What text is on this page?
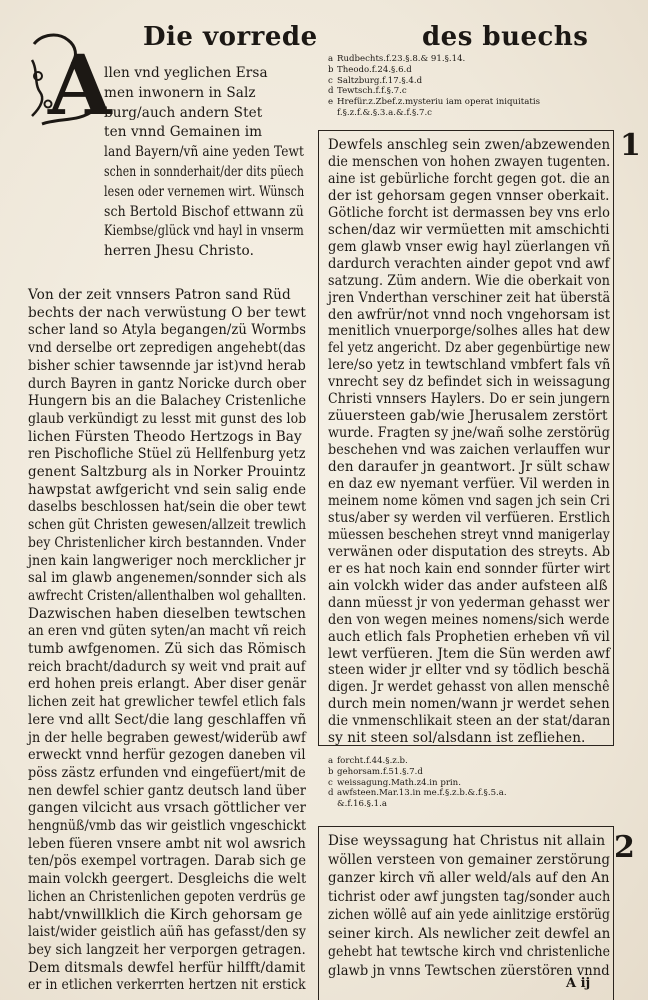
Die vorrede	des buechs
A	a Rudbechts.f.23.§.8.& 91.§.14.
b Theodo.f.24.§.6.d
c Saltzburg.f.17.§.4.d
d Tewtsch.f.f.§.7.c
e Hrefür.z.Zbef.z.mysteriu iam operat iniquitatis
f.§.z.f.&.§.3.a.&.f.§.7.c
llen vnd yeglichen Ersa
men inwonern in Salz
burg/auch andern Stet
ten vnnd Gemainen im
land Bayern/vñ aine yeden Tewt
schen in sonnderhait/der dits püech
lesen oder vernemen wirt. Wünsch
sch Bertold Bischof ettwann zü
Kiembse/glück vnd hayl in vnserm
herren Jhesu Christo.
Von der zeit vnnsers Patron sand Rüd
bechts der nach verwüstung O ber tewt
scher land so Atyla begangen/zü Wormbs
vnd derselbe ort zepredigen angehebt(das
bisher schier tawsennde jar ist)vnd herab
durch Bayren in gantz Noricke durch ober
Hungern bis an die Balachey Cristenliche
glaub verkündigt zu lesst mit gunst des lob
lichen Fürsten Theodo Hertzogs in Bay
ren Pischofliche Stüel zü Hellfenburg yetz
genent Saltzburg als in Norker Prouintz
hawpstat awfgericht vnd sein salig ende
daselbs beschlossen hat/sein die ober tewt
schen güt Christen gewesen/allzeit trewlich
bey Christenlicher kirch bestannden. Vnder
jnen kain langweriger noch mercklicher jr
sal im glawb angenemen/sonnder sich als
awfrecht Cristen/allenthalben wol gehallten.
Dazwischen haben dieselben tewtschen
an eren vnd güten syten/an macht vñ reich
tumb awfgenomen. Zü sich das Römisch
reich bracht/dadurch sy weit vnd prait auf
erd hohen preis erlangt. Aber diser genär
lichen zeit hat grewlicher tewfel etlich fals
lere vnd allt Sect/die lang geschlaffen vñ
jn der helle begraben gewest/widerüb awf
erweckt vnnd herfür gezogen daneben vil
pöss zästz erfunden vnd eingefüert/mit de
nen dewfel schier gantz deutsch land über
gangen vilcicht aus vrsach göttlicher ver
hengnüß/vmb das wir geistlich vngeschickt
leben füeren vnsere ambt nit wol awsrich
ten/pös exempel vortragen. Darab sich ge
main volckh geergert. Desgleichs die welt
lichen an Christenlichen gepoten verdrüs ge
habt/vnwillklich die Kirch gehorsam ge
laist/wider geistlich aüñ has gefasst/den sy
bey sich langzeit her verporgen getragen.
Dem ditsmals dewfel herfür hilfft/damit
er in etlichen verkerrten hertzen nit erstick
Dewfels anschleg sein zwen/abzewenden
die menschen von hohen zwayen tugenten.
aine ist gebürliche forcht gegen got. die an
der ist gehorsam gegen vnnser oberkait.
Götliche forcht ist dermassen bey vns erlo
schen/daz wir vermüetten mit amschichti
gem glawb vnser ewig hayl züerlangen vñ
dardurch verachten ainder gepot vnd awf
satzung. Züm andern. Wie die oberkait von
jren Vnderthan verschiner zeit hat überstä
den awfrür/not vnnd noch vngehorsam ist
menitlich vnuerporge/solhes alles hat dew
fel yetz angericht. Dz aber gegenbürtige new
lere/so yetz in tewtschland vmbfert fals vñ
vnrecht sey dz befindet sich in weissagung
Christi vnnsers Haylers. Do er sein jungern
züuersteen gab/wie Jherusalem zerstört
wurde. Fragten sy jne/wañ solhe zerstörüg
beschehen vnd was zaichen verlauffen wur
den daraufer jn geantwort. Jr sült schaw
en daz ew nyemant verfüer. Vil werden in
meinem nome kömen vnd sagen jch sein Cri
stus/aber sy werden vil verfüeren. Erstlich
müessen beschehen streyt vnnd manigerlay
verwänen oder disputation des streyts. Ab
er es hat noch kain end sonnder fürter wirt
ain volckh wider das ander aufsteen alß
dann müesst jr von yederman gehasst wer
den von wegen meines nomens/sich werde
auch etlich fals Prophetien erheben vñ vil
lewt verfüeren. Jtem die Sün werden awf
steen wider jr ellter vnd sy tödlich beschä
digen. Jr werdet gehasst von allen menschê
durch mein nomen/wann jr werdet sehen
die vnmenschlikait steen an der stat/daran
sy nit steen sol/alsdann ist zefliehen.
1
a forcht.f.44.§.z.b.
b gehorsam.f.51.§.7.d
c weissagung.Math.z4.in prin.
d awfsteen.Mar.13.in me.f.§.z.b.&.f.§.5.a.
&.f.16.§.1.a
Dise weyssagung hat Christus nit allain
wöllen versteen von gemainer zerstörung
ganzer kirch vñ aller weld/als auf den An
tichrist oder awf jungsten tag/sonder auch
zichen wöllê auf ain yede ainlitzige erstörüg
seiner kirch. Als newlicher zeit dewfel an
gehebt hat tewtsche kirch vnd christenliche
glawb jn vnns Tewtschen züerstören vnnd
2
A ij
